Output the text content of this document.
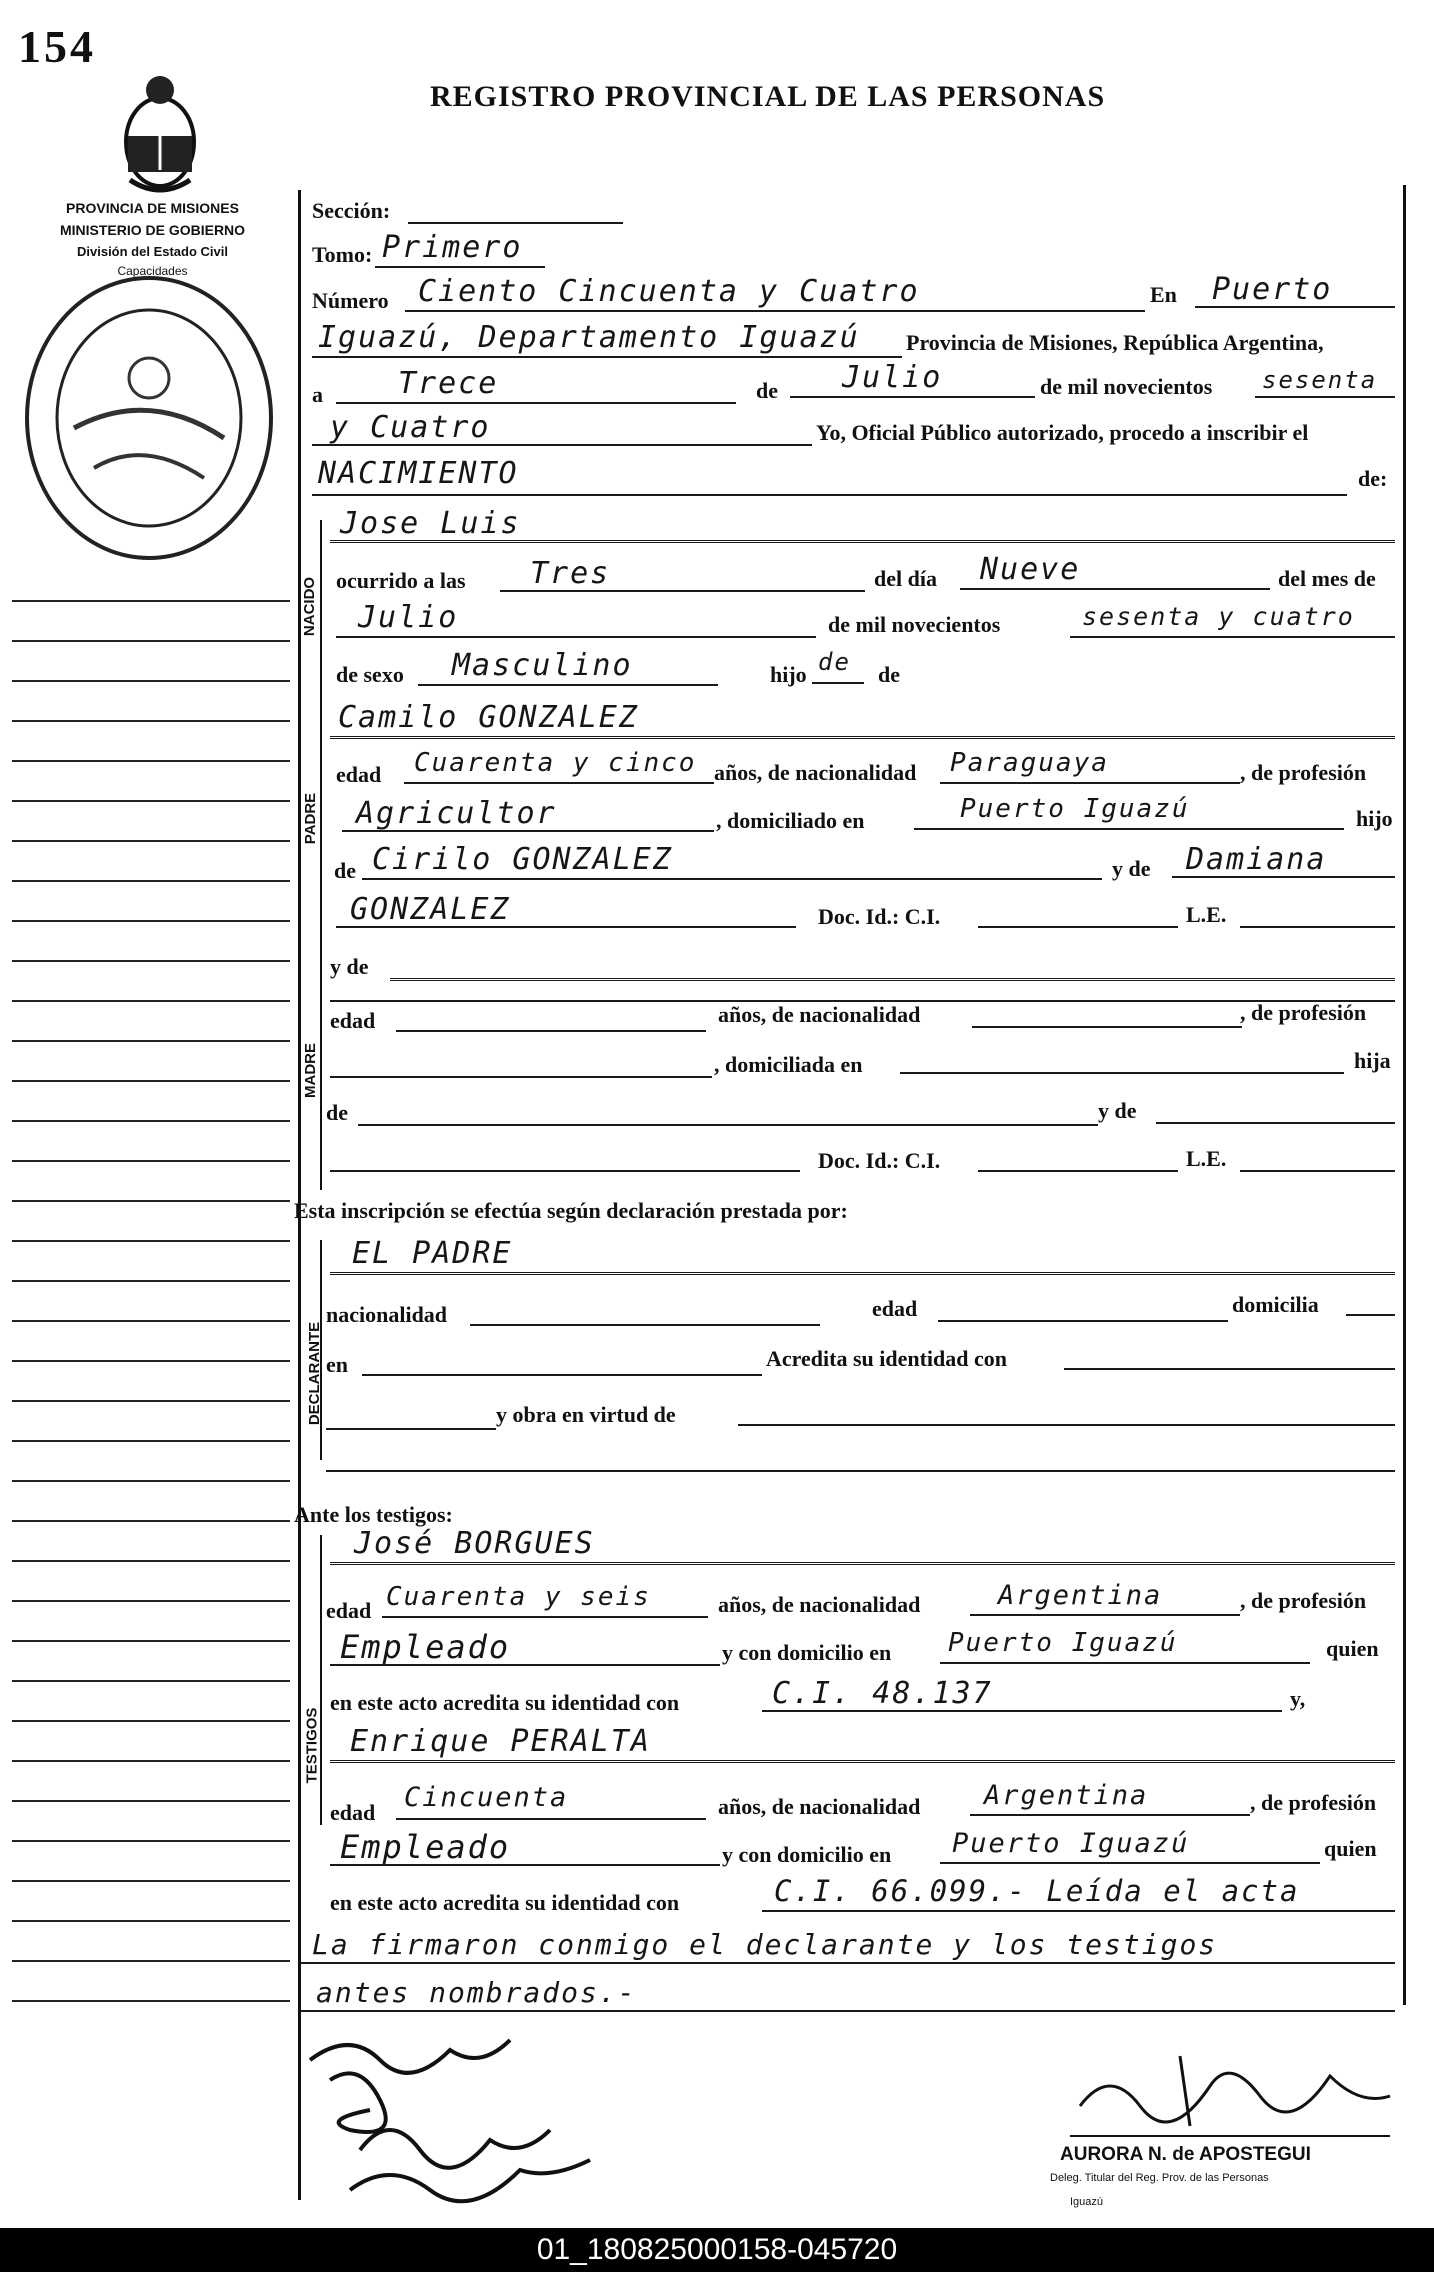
154
REGISTRO PROVINCIAL DE LAS PERSONAS
PROVINCIA DE MISIONES
MINISTERIO DE GOBIERNO
División del Estado Civil
Capacidades
NACIDO
PADRE
MADRE
DECLARANTE
TESTIGOS
Sección:
Tomo: Primero
Número Ciento Cincuenta y Cuatro	En Puerto
Iguazú, Departamento Iguazú Provincia de Misiones, República Argentina,
a	Trece	de Julio	de mil novecientos sesenta
y Cuatro	Yo, Oficial Público autorizado, procedo a inscribir el
NACIMIENTO	de:
Jose Luis
ocurrido a las Tres	del día Nueve	del mes de
Julio	de mil novecientos	sesenta y cuatro
de sexo Masculino	hijo de de
Camilo GONZALEZ
edad Cuarenta y cinco años, de nacionalidad Paraguaya	, de profesión
Agricultor	, domiciliado en	Puerto Iguazú	hijo
de Cirilo GONZALEZ	y de Damiana
GONZALEZ	Doc. Id.: C.I.	L.E.
y de
edad	años, de nacionalidad	, de profesión
, domiciliada en	hija
de	y de
Doc. Id.: C.I.	L.E.
Esta inscripción se efectúa según declaración prestada por:
EL PADRE
nacionalidad	edad	domicilia
en	Acredita su identidad con
y obra en virtud de
Ante los testigos:
José BORGUES
edad Cuarenta y seis	años, de nacionalidad	Argentina	, de profesión
Empleado	y con domicilio en Puerto Iguazú	quien
en este acto acredita su identidad con	C.I. 48.137	y,
Enrique PERALTA
edad Cincuenta	años, de nacionalidad Argentina	, de profesión
Empleado	y con domicilio en Puerto Iguazú	quien
en este acto acredita su identidad con	C.I. 66.099.- Leída el acta
La firmaron conmigo el declarante y los testigos
antes nombrados.-
AURORA N. de APOSTEGUI
Deleg. Titular del Reg. Prov. de las Personas
Iguazú
01_180825000158-045720
